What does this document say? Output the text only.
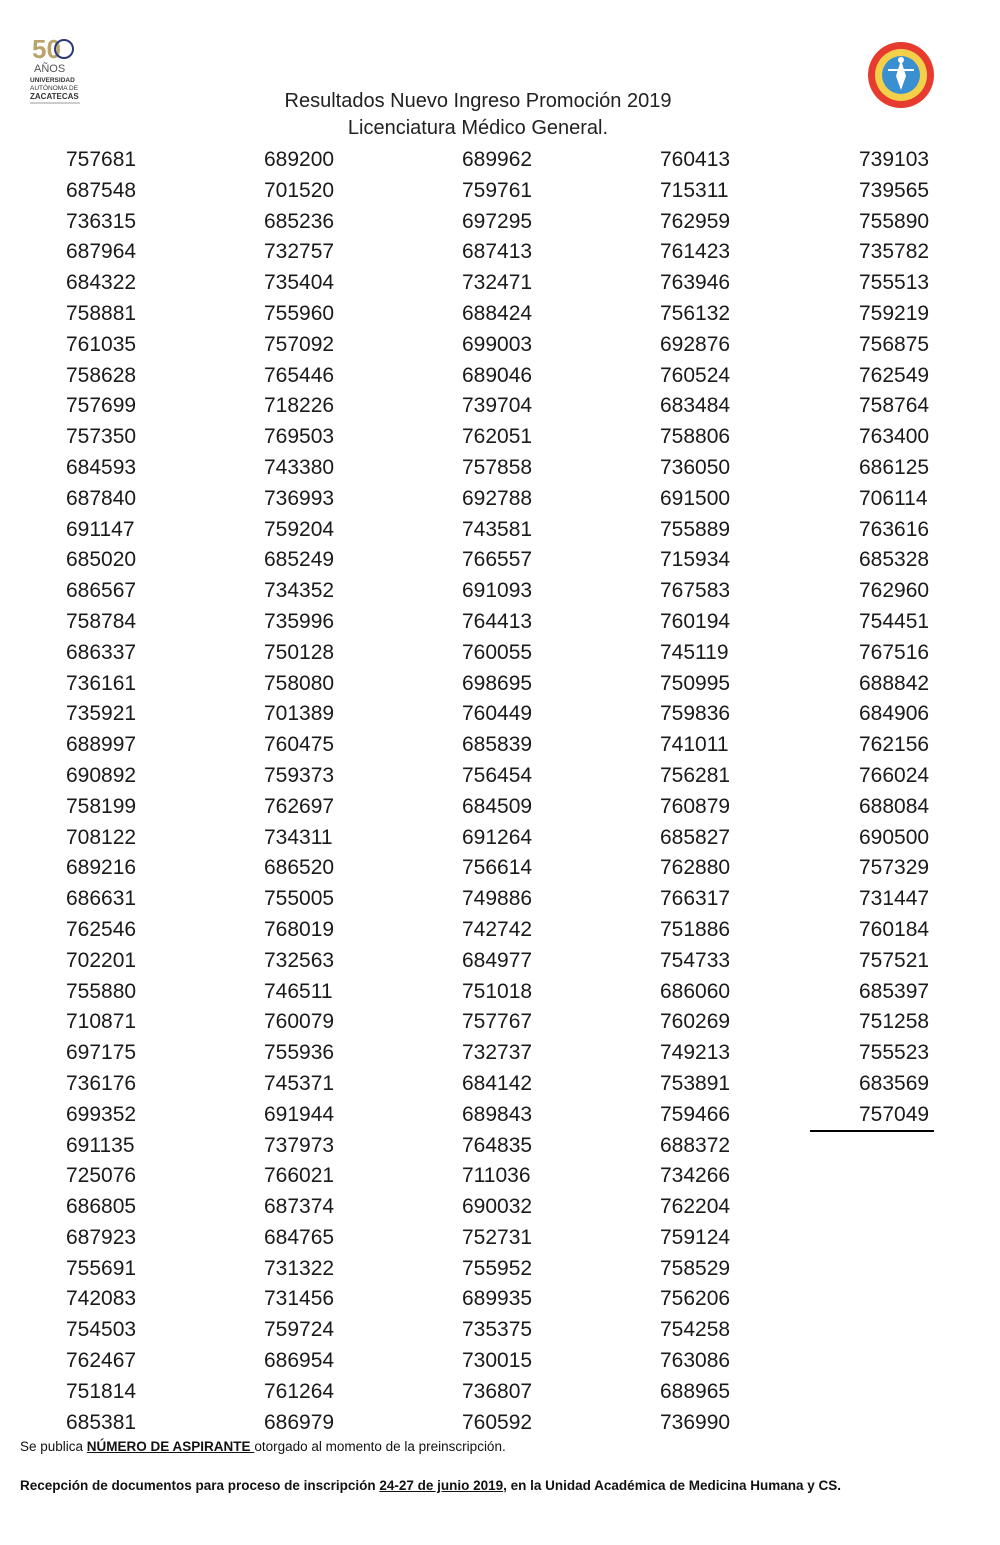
50
AÑOS
UNIVERSIDAD
AUTÓNOMA DE
ZACATECAS	Resultados Nuevo Ingreso Promoción 2019
Licenciatura Médico General.
757681
687548
736315
687964
684322
758881
761035
758628
757699
757350
684593
687840
691147
685020
686567
758784
686337
736161
735921
688997
690892
758199
708122
689216
686631
762546
702201
755880
710871
697175
736176
699352
691135
725076
686805
687923
755691
742083
754503
762467
751814
685381
689200
701520
685236
732757
735404
755960
757092
765446
718226
769503
743380
736993
759204
685249
734352
735996
750128
758080
701389
760475
759373
762697
734311
686520
755005
768019
732563
746511
760079
755936
745371
691944
737973
766021
687374
684765
731322
731456
759724
686954
761264
686979
689962
759761
697295
687413
732471
688424
699003
689046
739704
762051
757858
692788
743581
766557
691093
764413
760055
698695
760449
685839
756454
684509
691264
756614
749886
742742
684977
751018
757767
732737
684142
689843
764835
711036
690032
752731
755952
689935
735375
730015
736807
760592
760413
715311
762959
761423
763946
756132
692876
760524
683484
758806
736050
691500
755889
715934
767583
760194
745119
750995
759836
741011
756281
760879
685827
762880
766317
751886
754733
686060
760269
749213
753891
759466
688372
734266
762204
759124
758529
756206
754258
763086
688965
736990
739103
739565
755890
735782
755513
759219
756875
762549
758764
763400
686125
706114
763616
685328
762960
754451
767516
688842
684906
762156
766024
688084
690500
757329
731447
760184
757521
685397
751258
755523
683569
757049
Se publica NÚMERO DE ASPIRANTE otorgado al momento de la preinscripción.
Recepción de documentos para proceso de inscripción 24-27 de junio 2019, en la Unidad Académica de Medicina Humana y CS.
